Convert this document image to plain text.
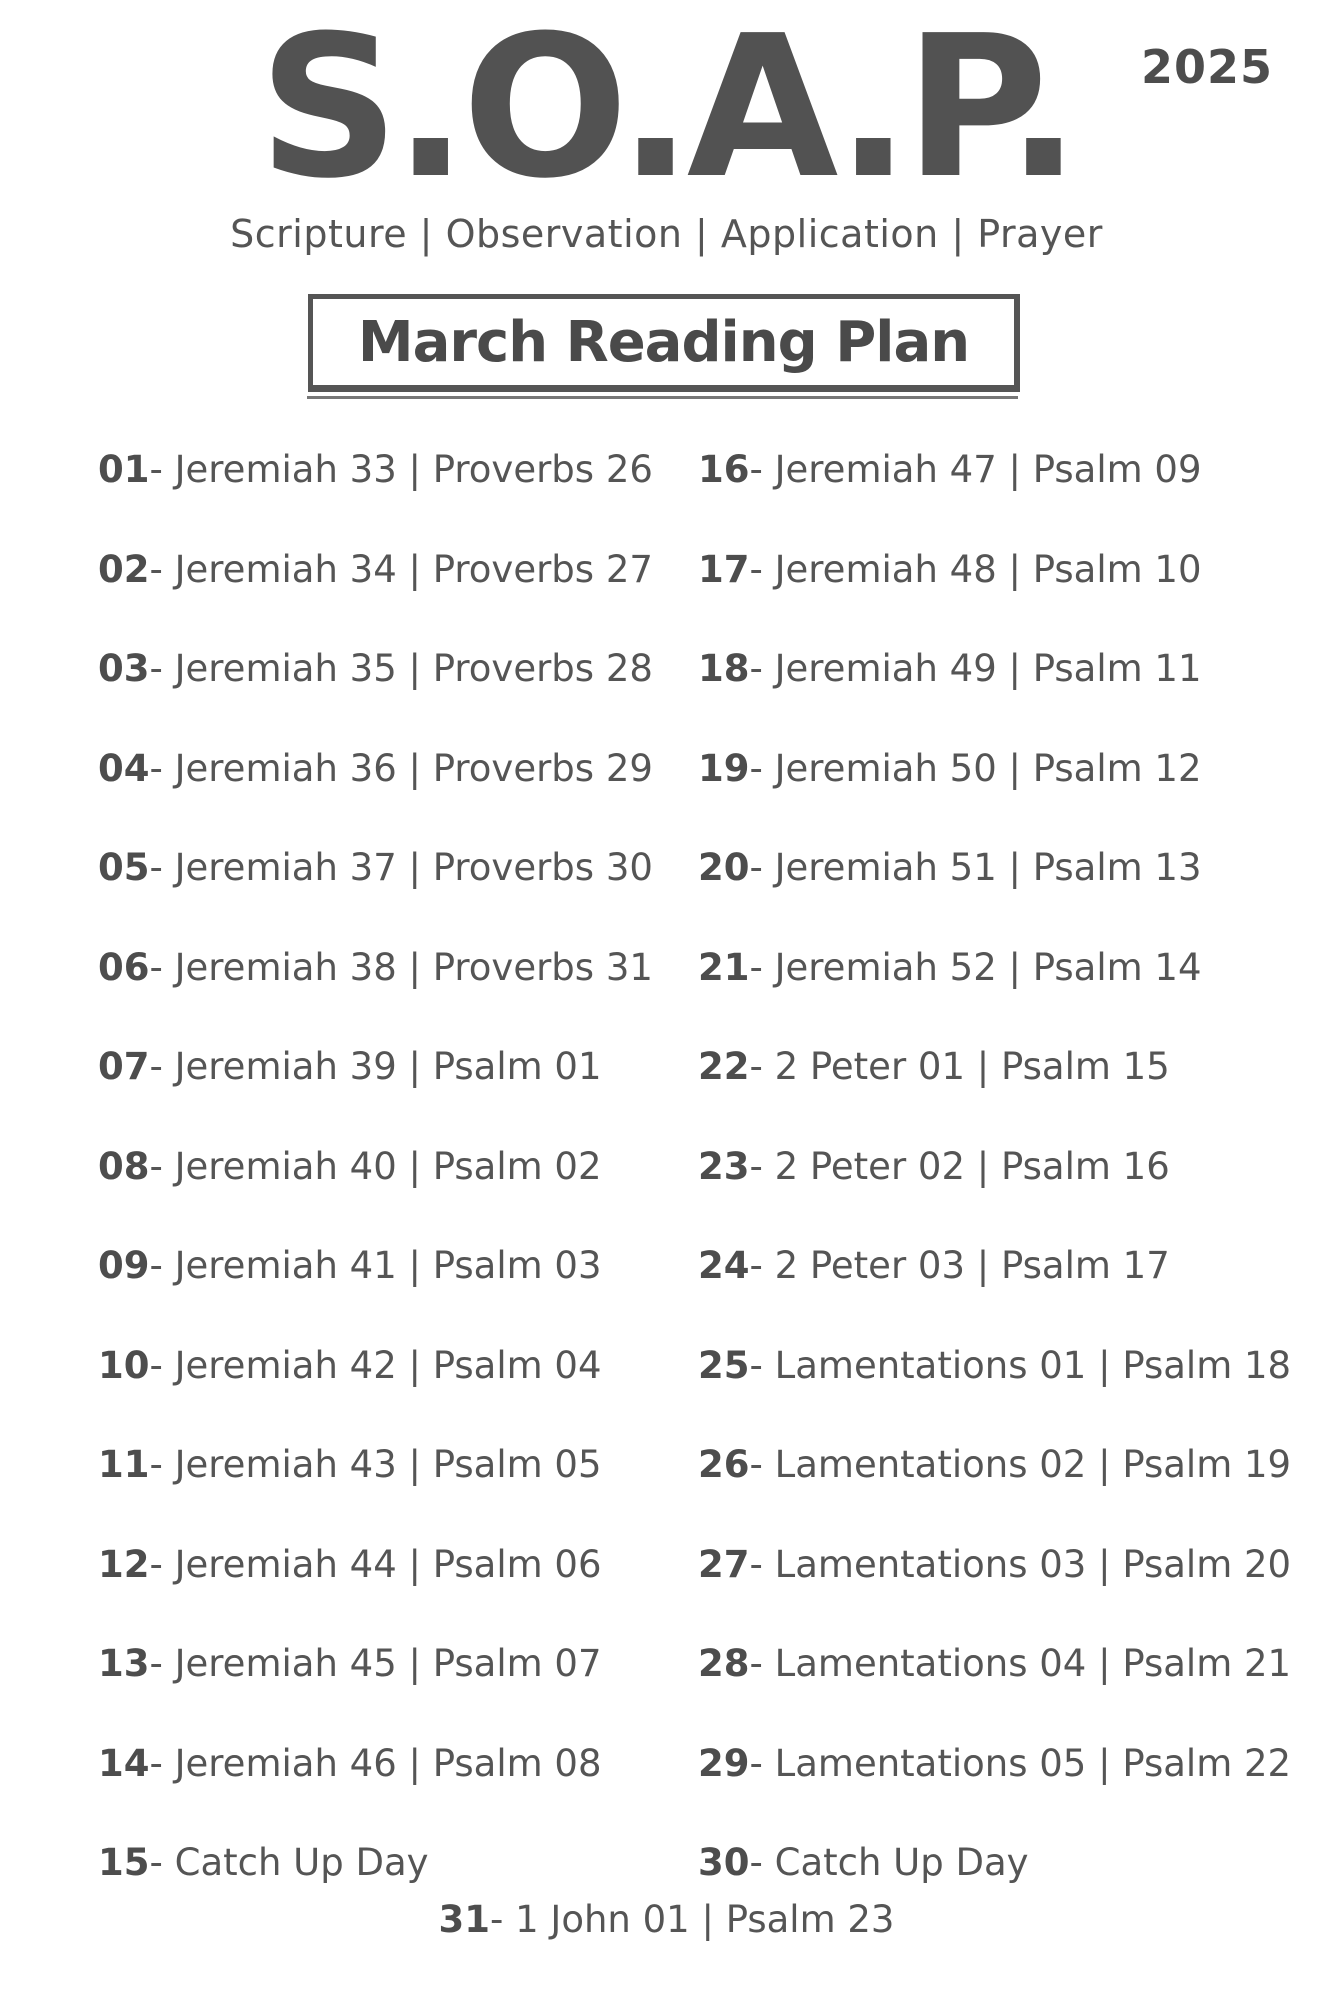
2025
S.O.A.P.
Scripture | Observation | Application | Prayer
March Reading Plan
01- Jeremiah 33 | Proverbs 26
02- Jeremiah 34 | Proverbs 27
03- Jeremiah 35 | Proverbs 28
04- Jeremiah 36 | Proverbs 29
05- Jeremiah 37 | Proverbs 30
06- Jeremiah 38 | Proverbs 31
07- Jeremiah 39 | Psalm 01
08- Jeremiah 40 | Psalm 02
09- Jeremiah 41 | Psalm 03
10- Jeremiah 42 | Psalm 04
11- Jeremiah 43 | Psalm 05
12- Jeremiah 44 | Psalm 06
13- Jeremiah 45 | Psalm 07
14- Jeremiah 46 | Psalm 08
15- Catch Up Day
16- Jeremiah 47 | Psalm 09
17- Jeremiah 48 | Psalm 10
18- Jeremiah 49 | Psalm 11
19- Jeremiah 50 | Psalm 12
20- Jeremiah 51 | Psalm 13
21- Jeremiah 52 | Psalm 14
22- 2 Peter 01 | Psalm 15
23- 2 Peter 02 | Psalm 16
24- 2 Peter 03 | Psalm 17
25- Lamentations 01 | Psalm 18
26- Lamentations 02 | Psalm 19
27- Lamentations 03 | Psalm 20
28- Lamentations 04 | Psalm 21
29- Lamentations 05 | Psalm 22
30- Catch Up Day
31- 1 John 01 | Psalm 23
